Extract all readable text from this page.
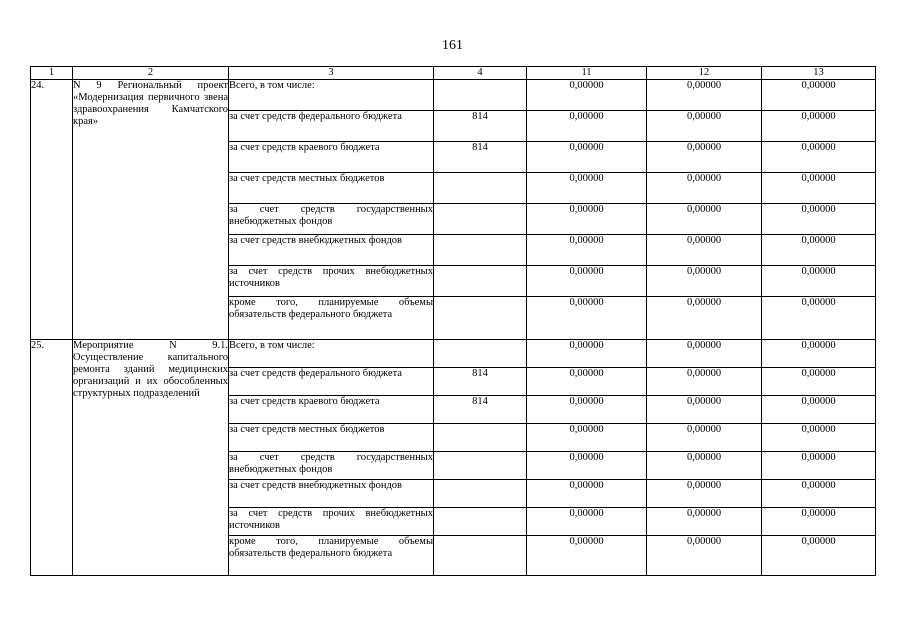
161
1	2	3	4	11	12	13
24.	N 9 Региональный проект «Модернизация первичного звена здравоохранения Камчатского края»	Всего, в том числе:		0,00000	0,00000	0,00000
		за счет средств федерального бюджета	814	0,00000	0,00000	0,00000
		за счет средств краевого бюджета	814	0,00000	0,00000	0,00000
		за счет средств местных бюджетов		0,00000	0,00000	0,00000
		за счет средств государственных внебюджетных фондов		0,00000	0,00000	0,00000
		за счет средств внебюджетных фондов		0,00000	0,00000	0,00000
		за счет средств прочих внебюджетных источников		0,00000	0,00000	0,00000
		кроме того, планируемые объемы обязательств федерального бюджета		0,00000	0,00000	0,00000
25.	Мероприятие N 9.1. Осуществление капитального ремонта зданий медицинских организаций и их обособленных структурных подразделений	Всего, в том числе:		0,00000	0,00000	0,00000
		за счет средств федерального бюджета	814	0,00000	0,00000	0,00000
		за счет средств краевого бюджета	814	0,00000	0,00000	0,00000
		за счет средств местных бюджетов		0,00000	0,00000	0,00000
		за счет средств государственных внебюджетных фондов		0,00000	0,00000	0,00000
		за счет средств внебюджетных фондов		0,00000	0,00000	0,00000
		за счет средств прочих внебюджетных источников		0,00000	0,00000	0,00000
		кроме того, планируемые объемы обязательств федерального бюджета		0,00000	0,00000	0,00000
